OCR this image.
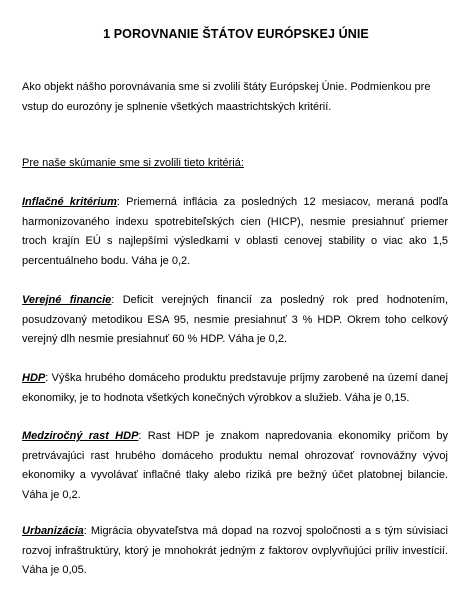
1 POROVNANIE ŠTÁTOV EURÓPSKEJ ÚNIE

Ako objekt nášho porovnávania sme si zvolili štáty Európskej Únie. Podmienkou pre vstup do eurozóny je splnenie všetkých maastrichtských kritérií.

Pre naše skúmanie sme si zvolili tieto kritériá:

Inflačné kritérium: Priemerná inflácia za posledných 12 mesiacov, meraná podľa harmonizovaného indexu spotrebiteľských cien (HICP), nesmie presiahnuť priemer troch krajín EÚ s najlepšími výsledkami v oblasti cenovej stability o viac ako 1,5 percentuálneho bodu. Váha je 0,2.

Verejné financie: Deficit verejných financií za posledný rok pred hodnotením, posudzovaný metodikou ESA 95, nesmie presiahnuť 3 % HDP. Okrem toho celkový verejný dlh nesmie presiahnuť 60 % HDP. Váha je 0,2.

HDP: Výška hrubého domáceho produktu predstavuje príjmy zarobené na území danej ekonomiky, je to hodnota všetkých konečných výrobkov a služieb. Váha je 0,15.

Medziročný rast HDP: Rast HDP je znakom napredovania ekonomiky pričom by pretrvávajúci rast hrubého domáceho produktu nemal ohrozovať rovnovážny vývoj ekonomiky a vyvolávať inflačné tlaky alebo riziká pre bežný účet platobnej bilancie. Váha je 0,2.

Urbanizácia: Migrácia obyvateľstva má dopad na rozvoj spoločnosti a s tým súvisiaci rozvoj infraštruktúry, ktorý je mnohokrát jedným z faktorov ovplyvňujúci príliv investícií. Váha je 0,05.
